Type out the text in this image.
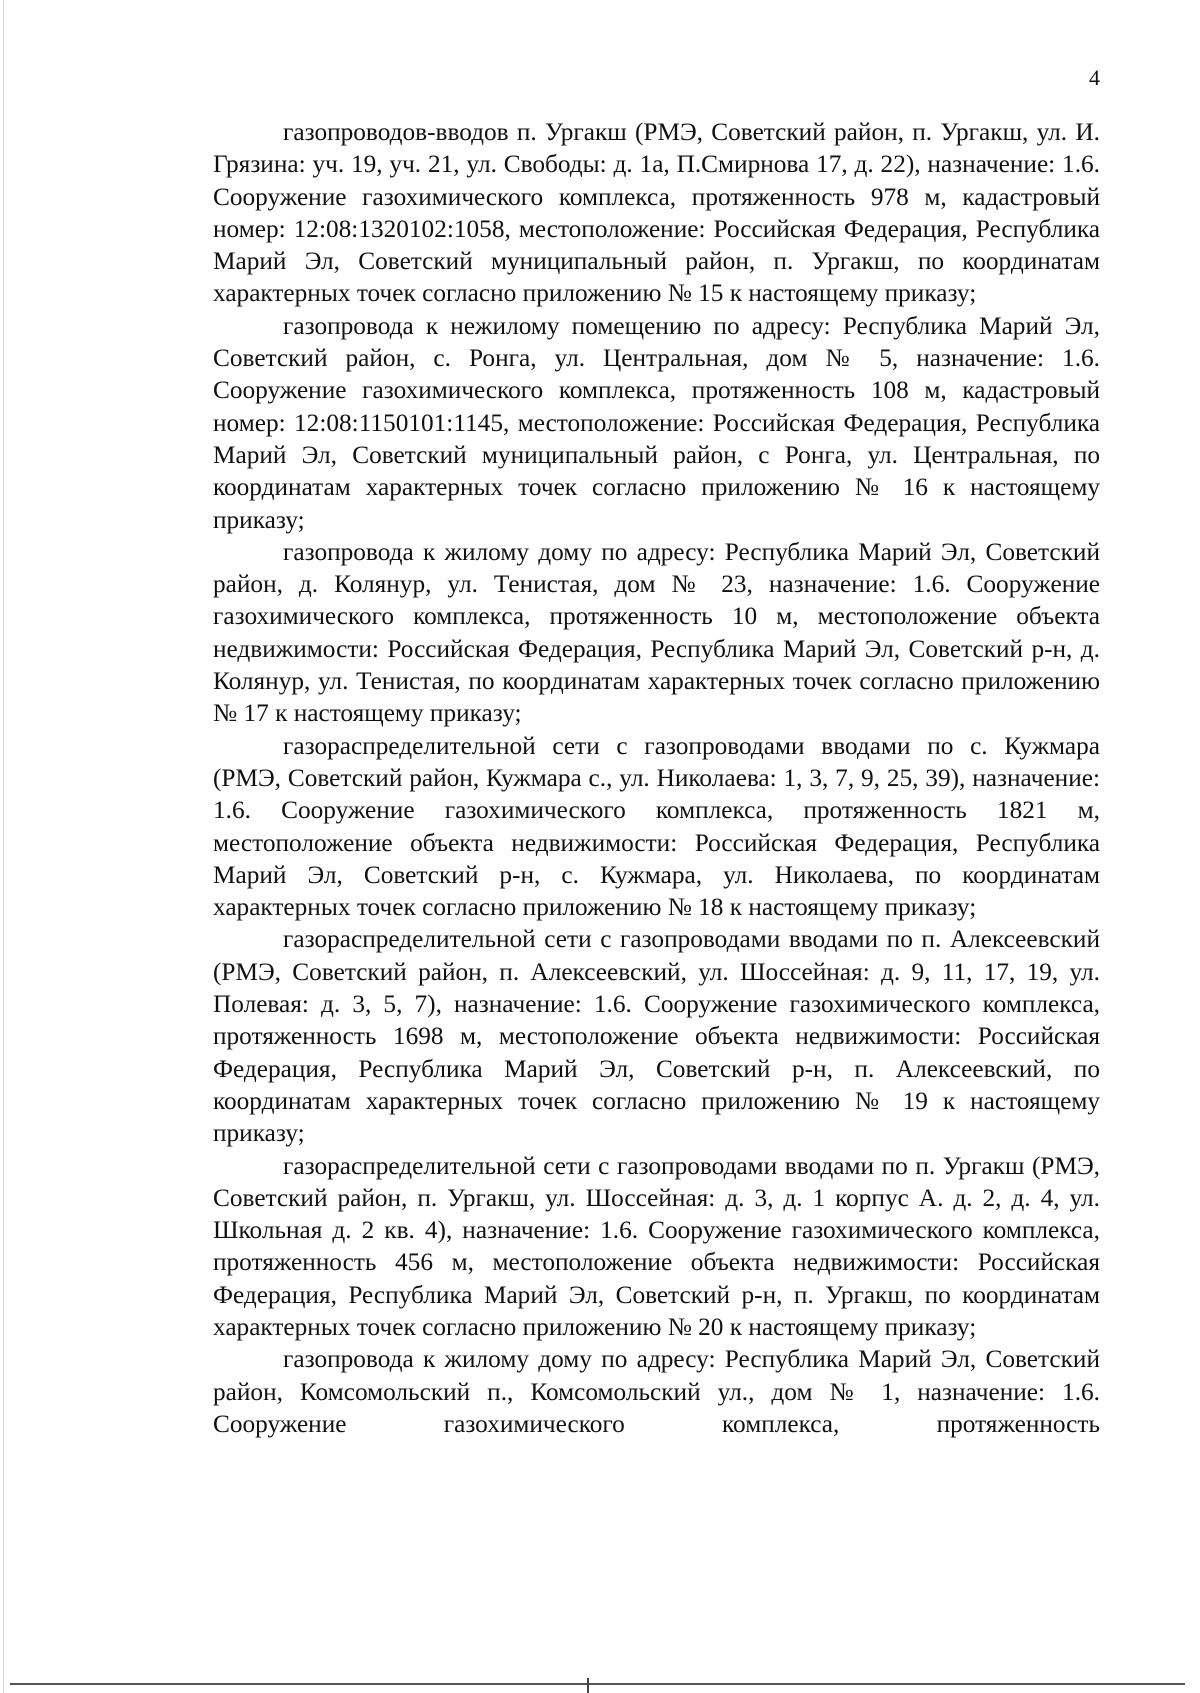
4

газопроводов-вводов п. Ургакш (РМЭ, Советский район, п. Ургакш, ул. И. Грязина: уч. 19, уч. 21, ул. Свободы: д. 1а, П.Смирнова 17, д. 22), назначение: 1.6. Сооружение газохимического комплекса, протяженность 978 м, кадастровый номер: 12:08:1320102:1058, местоположение: Российская Федерация, Республика Марий Эл, Советский муниципальный район, п. Ургакш, по координатам характерных точек согласно приложению № 15 к настоящему приказу;

газопровода к нежилому помещению по адресу: Республика Марий Эл, Советский район, с. Ронга, ул. Центральная, дом № 5, назначение: 1.6. Сооружение газохимического комплекса, протяженность 108 м, кадастровый номер: 12:08:1150101:1145, местоположение: Российская Федерация, Республика Марий Эл, Советский муниципальный район, с Ронга, ул. Центральная, по координатам характерных точек согласно приложению № 16 к настоящему приказу;

газопровода к жилому дому по адресу: Республика Марий Эл, Советский район, д. Колянур, ул. Тенистая, дом № 23, назначение: 1.6. Сооружение газохимического комплекса, протяженность 10 м, местоположение объекта недвижимости: Российская Федерация, Республика Марий Эл, Советский р-н, д. Колянур, ул. Тенистая, по координатам характерных точек согласно приложению № 17 к настоящему приказу;

газораспределительной сети с газопроводами вводами по с. Кужмара (РМЭ, Советский район, Кужмара с., ул. Николаева: 1, 3, 7, 9, 25, 39), назначение: 1.6. Сооружение газохимического комплекса, протяженность 1821 м, местоположение объекта недвижимости: Российская Федерация, Республика Марий Эл, Советский р-н, с. Кужмара, ул. Николаева, по координатам характерных точек согласно приложению № 18 к настоящему приказу;

газораспределительной сети с газопроводами вводами по п. Алексеевский (РМЭ, Советский район, п. Алексеевский, ул. Шоссейная: д. 9, 11, 17, 19, ул. Полевая: д. 3, 5, 7), назначение: 1.6. Сооружение газохимического комплекса, протяженность 1698 м, местоположение объекта недвижимости: Российская Федерация, Республика Марий Эл, Советский р-н, п. Алексеевский, по координатам характерных точек согласно приложению № 19 к настоящему приказу;

газораспределительной сети с газопроводами вводами по п. Ургакш (РМЭ, Советский район, п. Ургакш, ул. Шоссейная: д. 3, д. 1 корпус А. д. 2, д. 4, ул. Школьная д. 2 кв. 4), назначение: 1.6. Сооружение газохимического комплекса, протяженность 456 м, местоположение объекта недвижимости: Российская Федерация, Республика Марий Эл, Советский р-н, п. Ургакш, по координатам характерных точек согласно приложению № 20 к настоящему приказу;

газопровода к жилому дому по адресу: Республика Марий Эл, Советский район, Комсомольский п., Комсомольский ул., дом № 1, назначение: 1.6. Сооружение газохимического комплекса, протяженность
